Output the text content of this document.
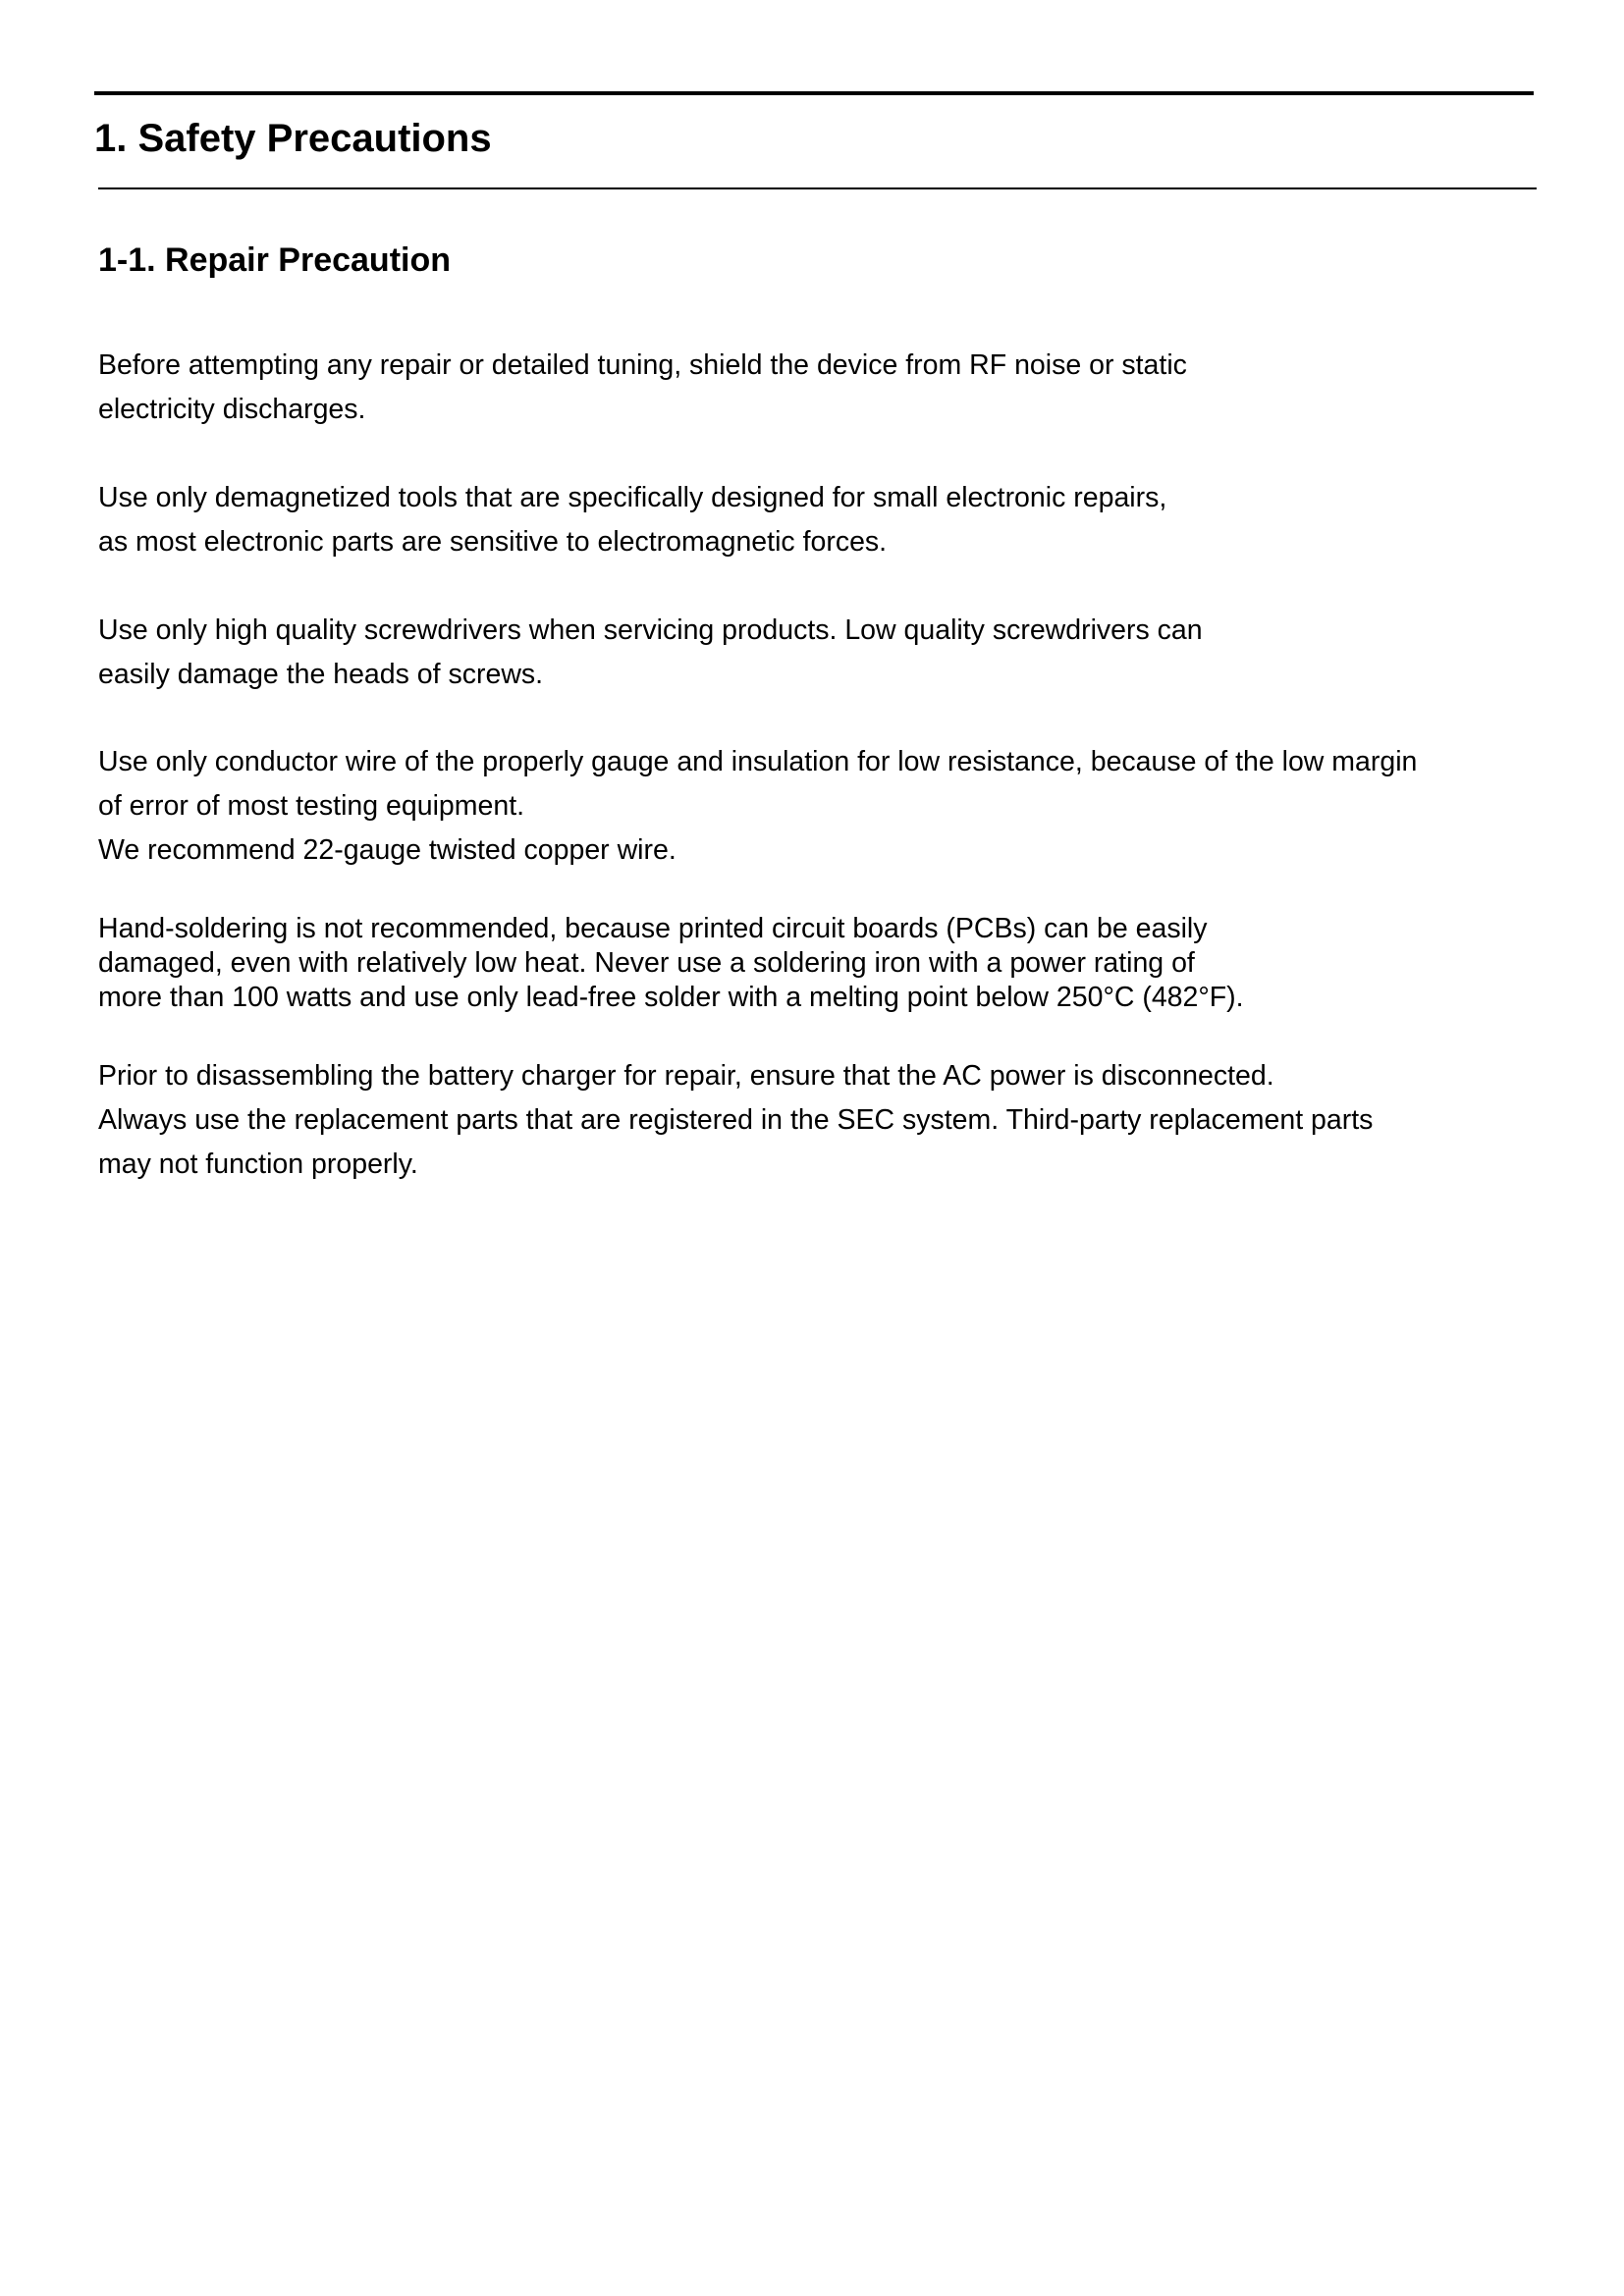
1. Safety Precautions
1-1. Repair Precaution

Before attempting any repair or detailed tuning, shield the device from RF noise or static

electricity discharges.

Use only demagnetized tools that are specifically designed for small electronic repairs,

as most electronic parts are sensitive to electromagnetic forces.

Use only high quality screwdrivers when servicing products. Low quality screwdrivers can

easily damage the heads of screws.

Use only conductor wire of the properly gauge and insulation for low resistance, because of the low margin

of error of most testing equipment.

We recommend 22-gauge twisted copper wire.

Hand-soldering is not recommended, because printed circuit boards (PCBs) can be easily

damaged, even with relatively low heat. Never use a soldering iron with a power rating of

more than 100 watts and use only lead-free solder with a melting point below 250°C (482°F).

Prior to disassembling the battery charger for repair, ensure that the AC power is disconnected.

Always use the replacement parts that are registered in the SEC system. Third-party replacement parts

may not function properly.
